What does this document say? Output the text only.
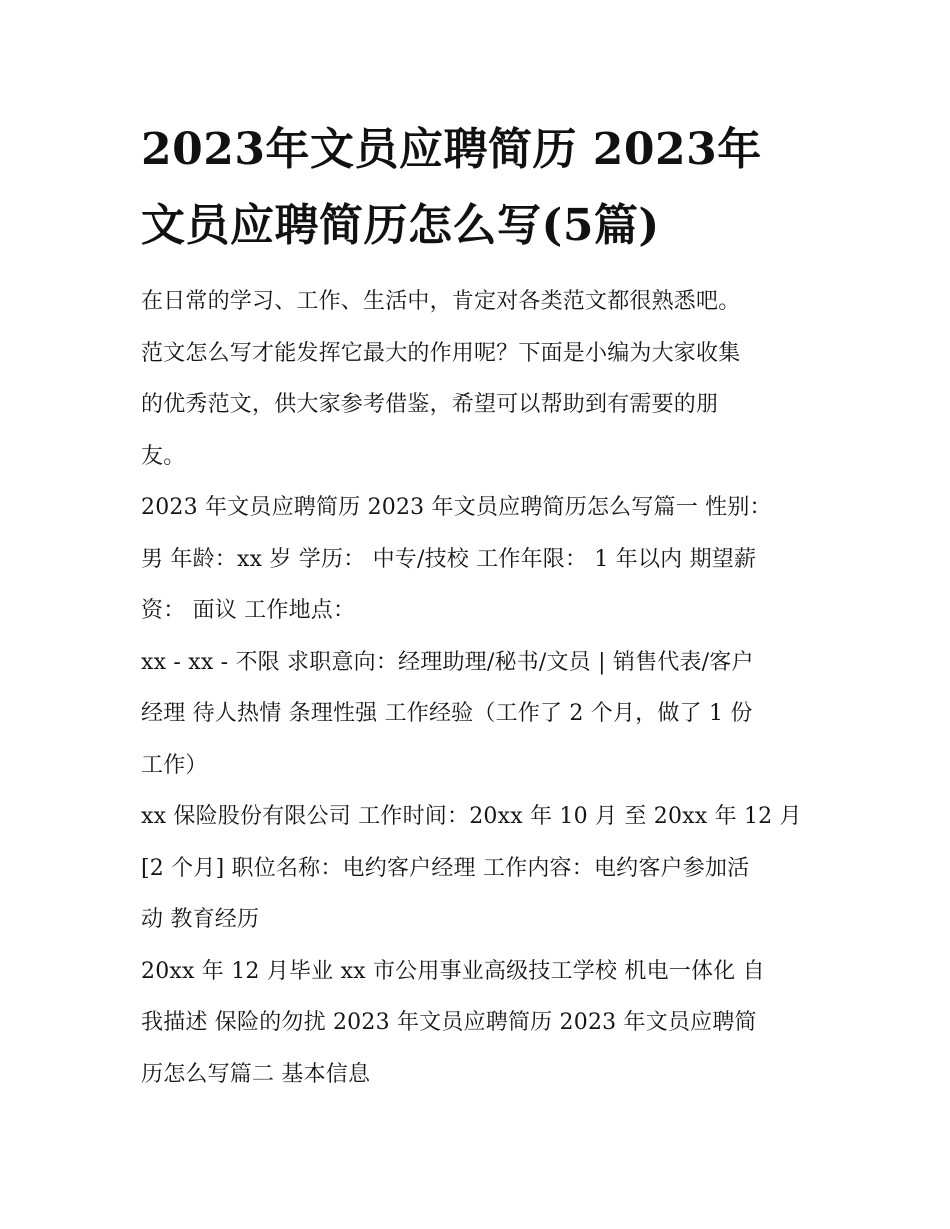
2023年文员应聘简历 2023年
文员应聘简历怎么写(5篇)
在日常的学习、工作、生活中，肯定对各类范文都很熟悉吧。
范文怎么写才能发挥它最大的作用呢？下面是小编为大家收集
的优秀范文，供大家参考借鉴，希望可以帮助到有需要的朋
友。
2023 年文员应聘简历 2023 年文员应聘简历怎么写篇一 性别：
男 年龄：xx 岁 学历： 中专/技校 工作年限： 1 年以内 期望薪
资： 面议 工作地点：
xx - xx - 不限 求职意向：经理助理/秘书/文员 | 销售代表/客户
经理 待人热情 条理性强 工作经验（工作了 2 个月，做了 1 份
工作）
xx 保险股份有限公司 工作时间：20xx 年 10 月 至 20xx 年 12 月
[2 个月] 职位名称：电约客户经理 工作内容：电约客户参加活
动 教育经历
20xx 年 12 月毕业 xx 市公用事业高级技工学校 机电一体化 自
我描述 保险的勿扰 2023 年文员应聘简历 2023 年文员应聘简
历怎么写篇二 基本信息
